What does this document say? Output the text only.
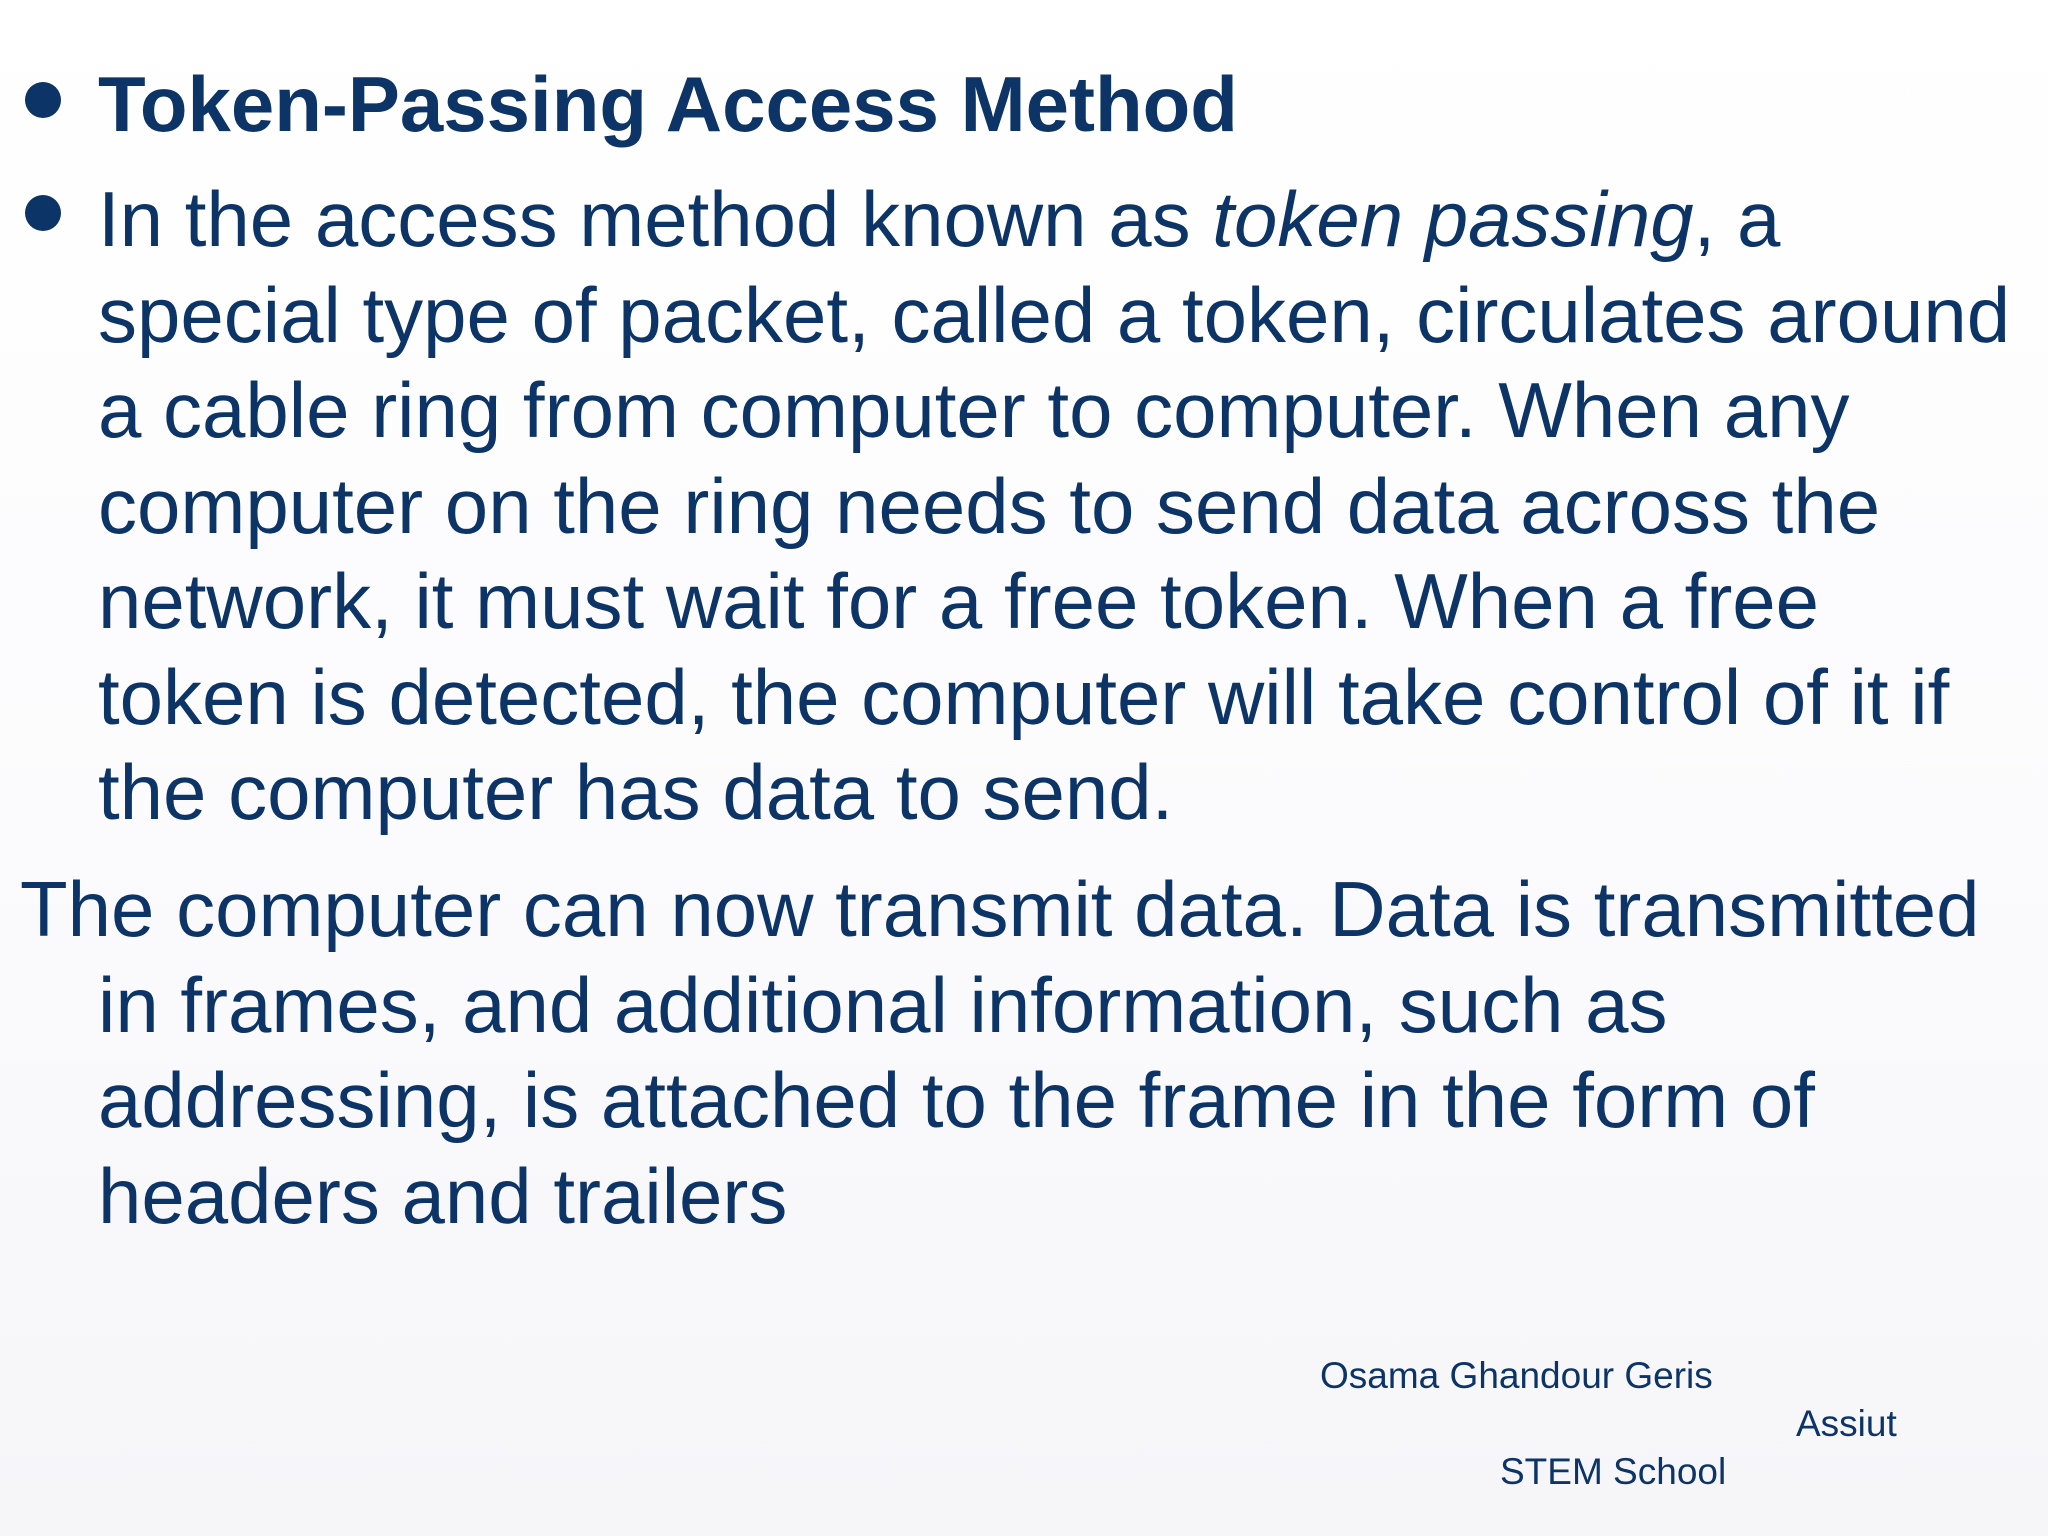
Token-Passing Access Method
In the access method known as token passing, a
special type of packet, called a token, circulates around
a cable ring from computer to computer. When any
computer on the ring needs to send data across the
network, it must wait for a free token. When a free
token is detected, the computer will take control of it if
the computer has data to send.
The computer can now transmit data. Data is transmitted
in frames, and additional information, such as
addressing, is attached to the frame in the form of
headers and trailers
Osama Ghandour Geris
Assiut
STEM School
